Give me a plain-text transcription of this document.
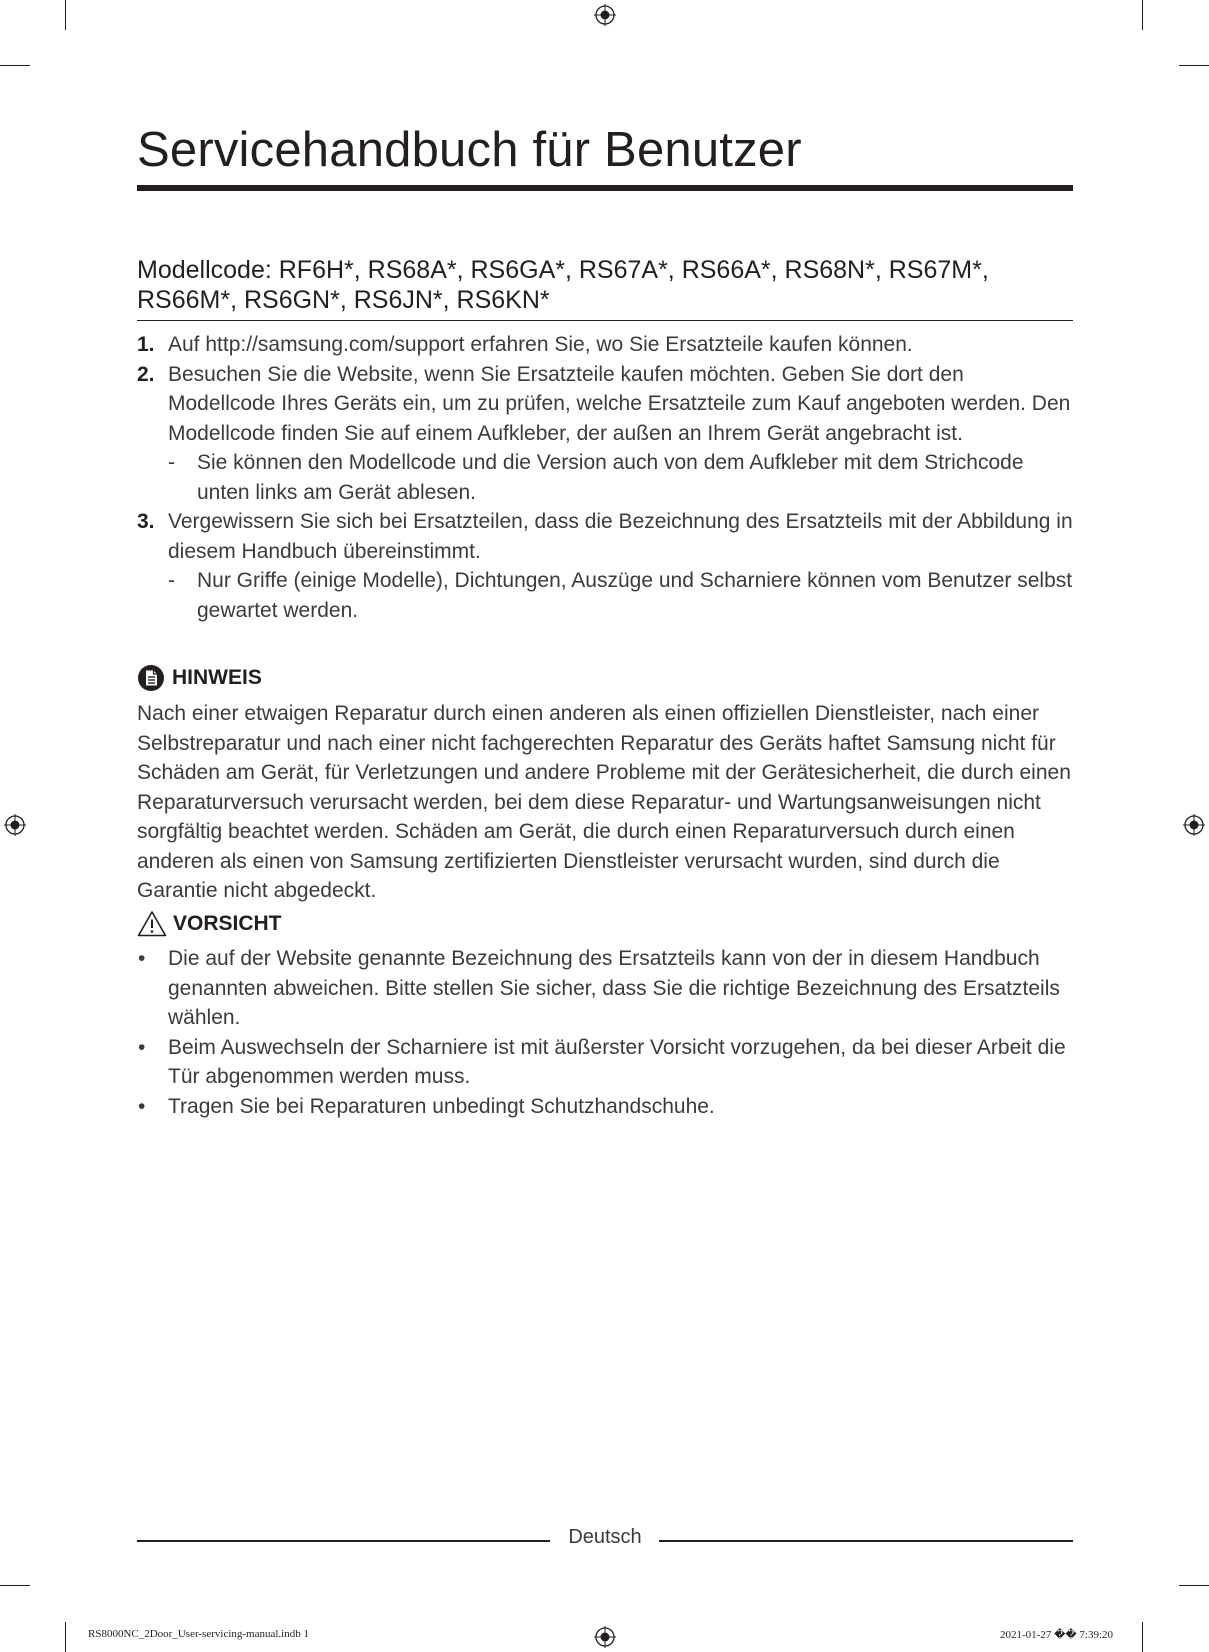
Servicehandbuch für Benutzer
Modellcode: RF6H*, RS68A*, RS6GA*, RS67A*, RS66A*, RS68N*, RS67M*, RS66M*, RS6GN*, RS6JN*, RS6KN*
1. Auf http://samsung.com/support erfahren Sie, wo Sie Ersatzteile kaufen können.
2. Besuchen Sie die Website, wenn Sie Ersatzteile kaufen möchten. Geben Sie dort den Modellcode Ihres Geräts ein, um zu prüfen, welche Ersatzteile zum Kauf angeboten werden. Den Modellcode finden Sie auf einem Aufkleber, der außen an Ihrem Gerät angebracht ist.
- Sie können den Modellcode und die Version auch von dem Aufkleber mit dem Strichcode unten links am Gerät ablesen.
3. Vergewissern Sie sich bei Ersatzteilen, dass die Bezeichnung des Ersatzteils mit der Abbildung in diesem Handbuch übereinstimmt.
- Nur Griffe (einige Modelle), Dichtungen, Auszüge und Scharniere können vom Benutzer selbst gewartet werden.
HINWEIS

Nach einer etwaigen Reparatur durch einen anderen als einen offiziellen Dienstleister, nach einer Selbstreparatur und nach einer nicht fachgerechten Reparatur des Geräts haftet Samsung nicht für Schäden am Gerät, für Verletzungen und andere Probleme mit der Gerätesicherheit, die durch einen Reparaturversuch verursacht werden, bei dem diese Reparatur- und Wartungsanweisungen nicht sorgfältig beachtet werden. Schäden am Gerät, die durch einen Reparaturversuch durch einen anderen als einen von Samsung zertifizierten Dienstleister verursacht wurden, sind durch die Garantie nicht abgedeckt.

VORSICHT
• Die auf der Website genannte Bezeichnung des Ersatzteils kann von der in diesem Handbuch genannten abweichen. Bitte stellen Sie sicher, dass Sie die richtige Bezeichnung des Ersatzteils wählen.
• Beim Auswechseln der Scharniere ist mit äußerster Vorsicht vorzugehen, da bei dieser Arbeit die Tür abgenommen werden muss.
• Tragen Sie bei Reparaturen unbedingt Schutzhandschuhe.
Deutsch
RS8000NC_2Door_User-servicing-manual.indb 1	2021-01-27 �� 7:39:20
